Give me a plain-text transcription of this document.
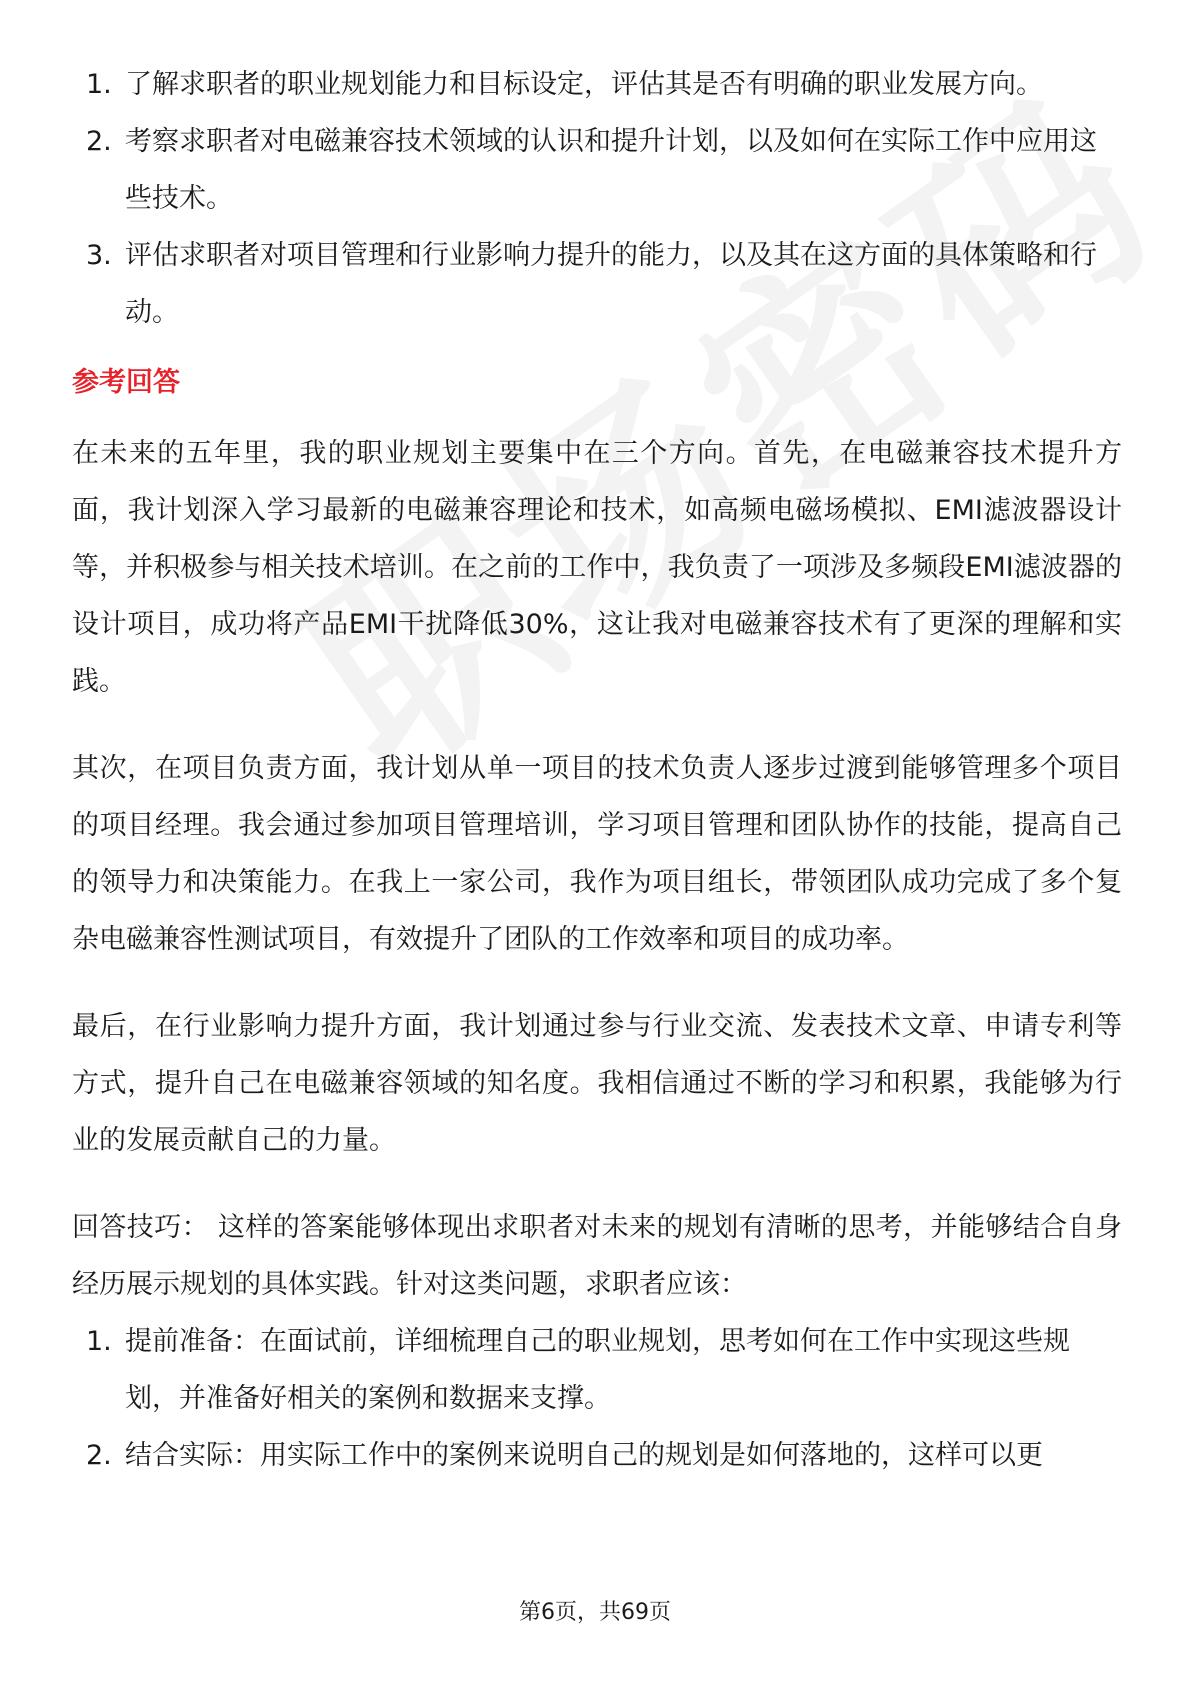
1. 了解求职者的职业规划能力和目标设定，评估其是否有明确的职业发展方向。
2. 考察求职者对电磁兼容技术领域的认识和提升计划，以及如何在实际工作中应用这些技术。
3. 评估求职者对项目管理和行业影响力提升的能力，以及其在这方面的具体策略和行动。
参考回答

在未来的五年里，我的职业规划主要集中在三个方向。首先，在电磁兼容技术提升方面，我计划深入学习最新的电磁兼容理论和技术，如高频电磁场模拟、EMI滤波器设计等，并积极参与相关技术培训。在之前的工作中，我负责了一项涉及多频段EMI滤波器的设计项目，成功将产品EMI干扰降低30%，这让我对电磁兼容技术有了更深的理解和实践。

其次，在项目负责方面，我计划从单一项目的技术负责人逐步过渡到能够管理多个项目的项目经理。我会通过参加项目管理培训，学习项目管理和团队协作的技能，提高自己的领导力和决策能力。在我上一家公司，我作为项目组长，带领团队成功完成了多个复杂电磁兼容性测试项目，有效提升了团队的工作效率和项目的成功率。

最后，在行业影响力提升方面，我计划通过参与行业交流、发表技术文章、申请专利等方式，提升自己在电磁兼容领域的知名度。我相信通过不断的学习和积累，我能够为行业的发展贡献自己的力量。

回答技巧： 这样的答案能够体现出求职者对未来的规划有清晰的思考，并能够结合自身经历展示规划的具体实践。针对这类问题，求职者应该：

1. 提前准备：在面试前，详细梳理自己的职业规划，思考如何在工作中实现这些规划，并准备好相关的案例和数据来支撑。
2. 结合实际：用实际工作中的案例来说明自己的规划是如何落地的，这样可以更
第6页，共69页
